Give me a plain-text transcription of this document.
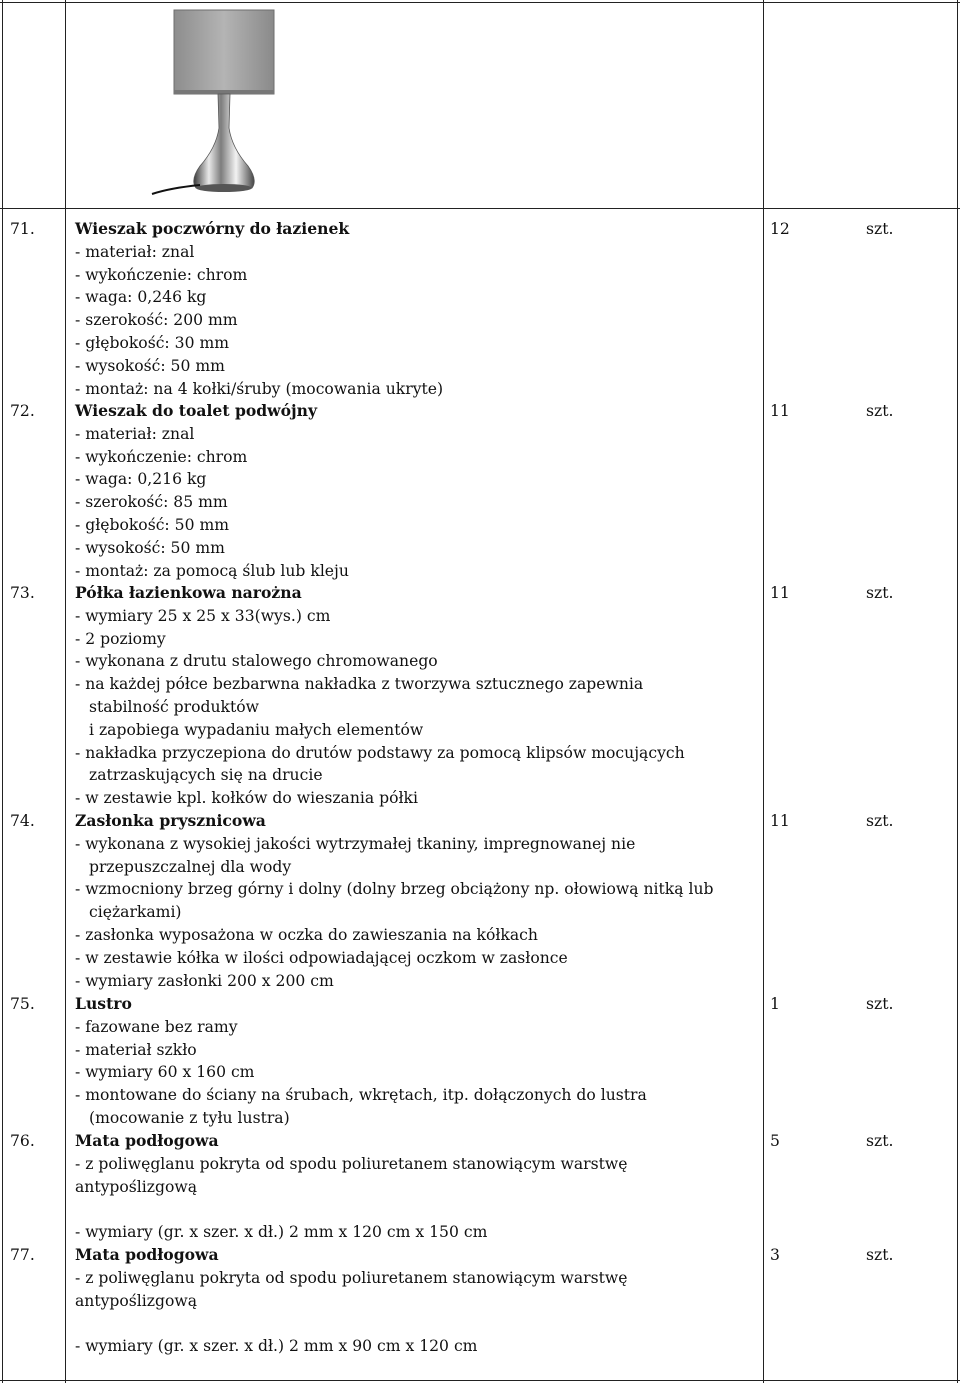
71.	Wieszak poczwórny do łazienek
- materiał: znal
- wykończenie: chrom
- waga: 0,246 kg
- szerokość: 200 mm
- głębokość: 30 mm
- wysokość: 50 mm
- montaż: na 4 kołki/śruby (mocowania ukryte)
12	szt.
72.	Wieszak do toalet podwójny
- materiał: znal
- wykończenie: chrom
- waga: 0,216 kg
- szerokość: 85 mm
- głębokość: 50 mm
- wysokość: 50 mm
- montaż: za pomocą ślub lub kleju
11	szt.
73.	Półka łazienkowa narożna
- wymiary 25 x 25 x 33(wys.) cm
- 2 poziomy
- wykonana z drutu stalowego chromowanego
- na każdej półce bezbarwna nakładka z tworzywa sztucznego zapewnia
stabilność produktów
i zapobiega wypadaniu małych elementów
- nakładka przyczepiona do drutów podstawy za pomocą klipsów mocujących
zatrzaskujących się na drucie
- w zestawie kpl. kołków do wieszania półki
11	szt.
74.	Zasłonka prysznicowa
- wykonana z wysokiej jakości wytrzymałej tkaniny, impregnowanej nie
przepuszczalnej dla wody
- wzmocniony brzeg górny i dolny (dolny brzeg obciążony np. ołowiową nitką lub
ciężarkami)
- zasłonka wyposażona w oczka do zawieszania na kółkach
- w zestawie kółka w ilości odpowiadającej oczkom w zasłonce
- wymiary zasłonki 200 x 200 cm
11	szt.
75.	Lustro
- fazowane bez ramy
- materiał szkło
- wymiary 60 x 160 cm
- montowane do ściany na śrubach, wkrętach, itp. dołączonych do lustra
(mocowanie z tyłu lustra)
1	szt.
76.	Mata podłogowa
- z poliwęglanu pokryta od spodu poliuretanem stanowiącym warstwę
antypoślizgową
- wymiary (gr. x szer. x dł.) 2 mm x 120 cm x 150 cm
5	szt.
77.	Mata podłogowa
- z poliwęglanu pokryta od spodu poliuretanem stanowiącym warstwę
antypoślizgową
- wymiary (gr. x szer. x dł.) 2 mm x 90 cm x 120 cm
3	szt.
